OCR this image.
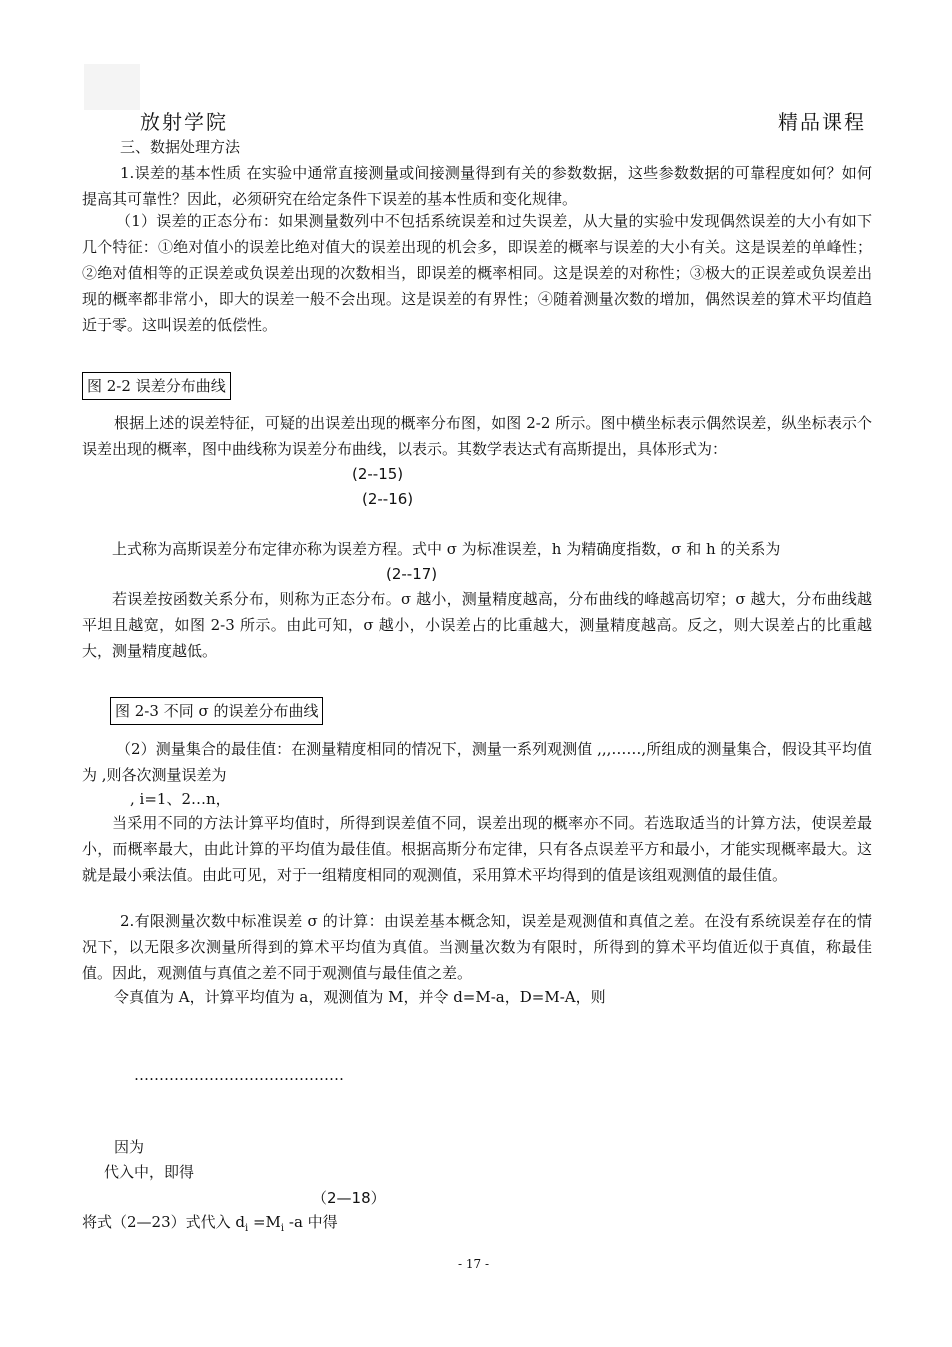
放射学院	精品课程
三、数据处理方法
1.误差的基本性质 在实验中通常直接测量或间接测量得到有关的参数数据，这些参数数据的可靠程度如何？如何提高其可靠性？因此，必须研究在给定条件下误差的基本性质和变化规律。
（1）误差的正态分布：如果测量数列中不包括系统误差和过失误差，从大量的实验中发现偶然误差的大小有如下几个特征：①绝对值小的误差比绝对值大的误差出现的机会多，即误差的概率与误差的大小有关。这是误差的单峰性；②绝对值相等的正误差或负误差出现的次数相当，即误差的概率相同。这是误差的对称性；③极大的正误差或负误差出现的概率都非常小，即大的误差一般不会出现。这是误差的有界性；④随着测量次数的增加，偶然误差的算术平均值趋近于零。这叫误差的低偿性。
图 2-2 误差分布曲线
根据上述的误差特征，可疑的出误差出现的概率分布图，如图 2-2 所示。图中横坐标表示偶然误差，纵坐标表示个误差出现的概率，图中曲线称为误差分布曲线，以表示。其数学表达式有高斯提出，具体形式为：
(2--15)
(2--16)
上式称为高斯误差分布定律亦称为误差方程。式中 σ 为标准误差，h 为精确度指数，σ 和 h 的关系为
(2--17)
若误差按函数关系分布，则称为正态分布。σ 越小，测量精度越高，分布曲线的峰越高切窄；σ 越大，分布曲线越平坦且越宽，如图 2-3 所示。由此可知，σ 越小，小误差占的比重越大，测量精度越高。反之，则大误差占的比重越大，测量精度越低。
图 2-3 不同 σ 的误差分布曲线
（2）测量集合的最佳值：在测量精度相同的情况下，测量一系列观测值 ,,,……,所组成的测量集合，假设其平均值为 ,则各次测量误差为
, i=1、2…n，
当采用不同的方法计算平均值时，所得到误差值不同，误差出现的概率亦不同。若选取适当的计算方法，使误差最小，而概率最大，由此计算的平均值为最佳值。根据高斯分布定律，只有各点误差平方和最小，才能实现概率最大。这就是最小乘法值。由此可见，对于一组精度相同的观测值，采用算术平均得到的值是该组观测值的最佳值。
2.有限测量次数中标准误差 σ 的计算：由误差基本概念知，误差是观测值和真值之差。在没有系统误差存在的情况下，以无限多次测量所得到的算术平均值为真值。当测量次数为有限时，所得到的算术平均值近似于真值，称最佳值。因此，观测值与真值之差不同于观测值与最佳值之差。
令真值为 A，计算平均值为 a，观测值为 M，并令 d=M-a，D=M-A，则
……………………………………
因为
代入中，即得
（2—18）
将式（2—23）式代入 $d_i =M_i$ -a 中得
- 17 -
